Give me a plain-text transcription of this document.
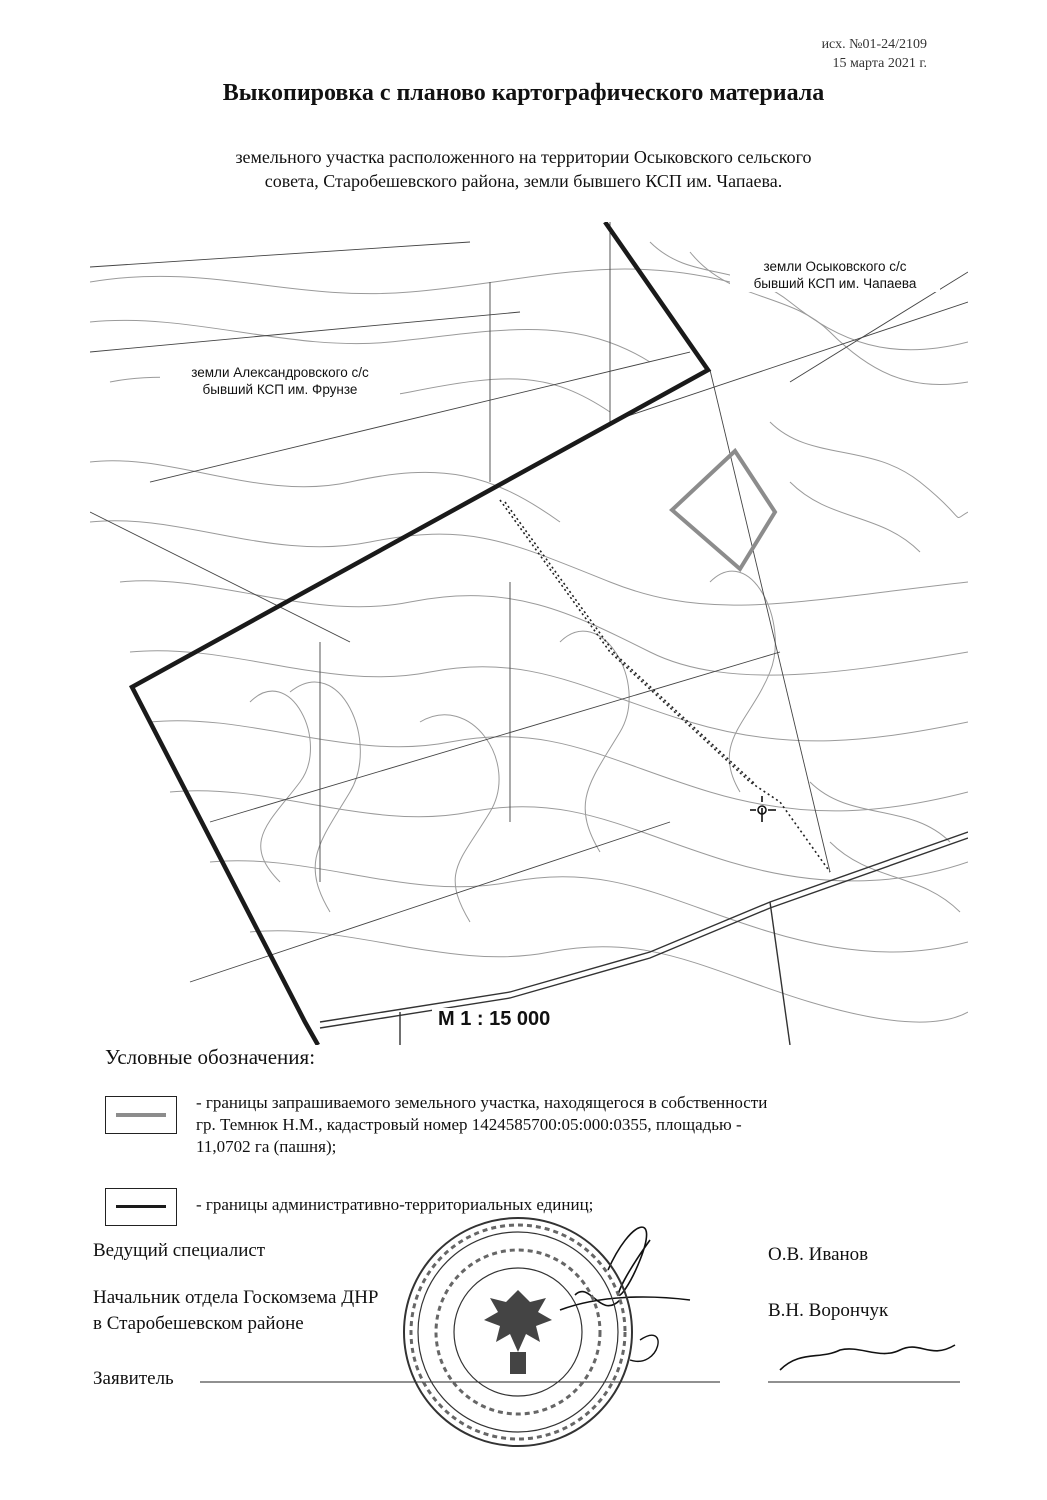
исх. №01-24/2109
15 марта 2021 г.
Выкопировка с планово картографического материала
земельного участка расположенного на территории Осыковского сельского
совета, Старобешевского района, земли бывшего КСП им. Чапаева.
земли Осыковского с/с
бывший КСП им. Чапаева
земли Александровского с/с
бывший КСП им. Фрунзе
М 1 : 15 000
Условные обозначения:
- границы запрашиваемого земельного участка, находящегося в собственности
гр. Темнюк Н.М., кадастровый номер 1424585700:05:000:0355, площадью -
11,0702 га (пашня);
- границы административно-территориальных единиц;
Ведущий специалист	О.В. Иванов
Начальник отдела Госкомзема ДНР
в Старобешевском районе
В.Н. Ворончук
Заявитель
